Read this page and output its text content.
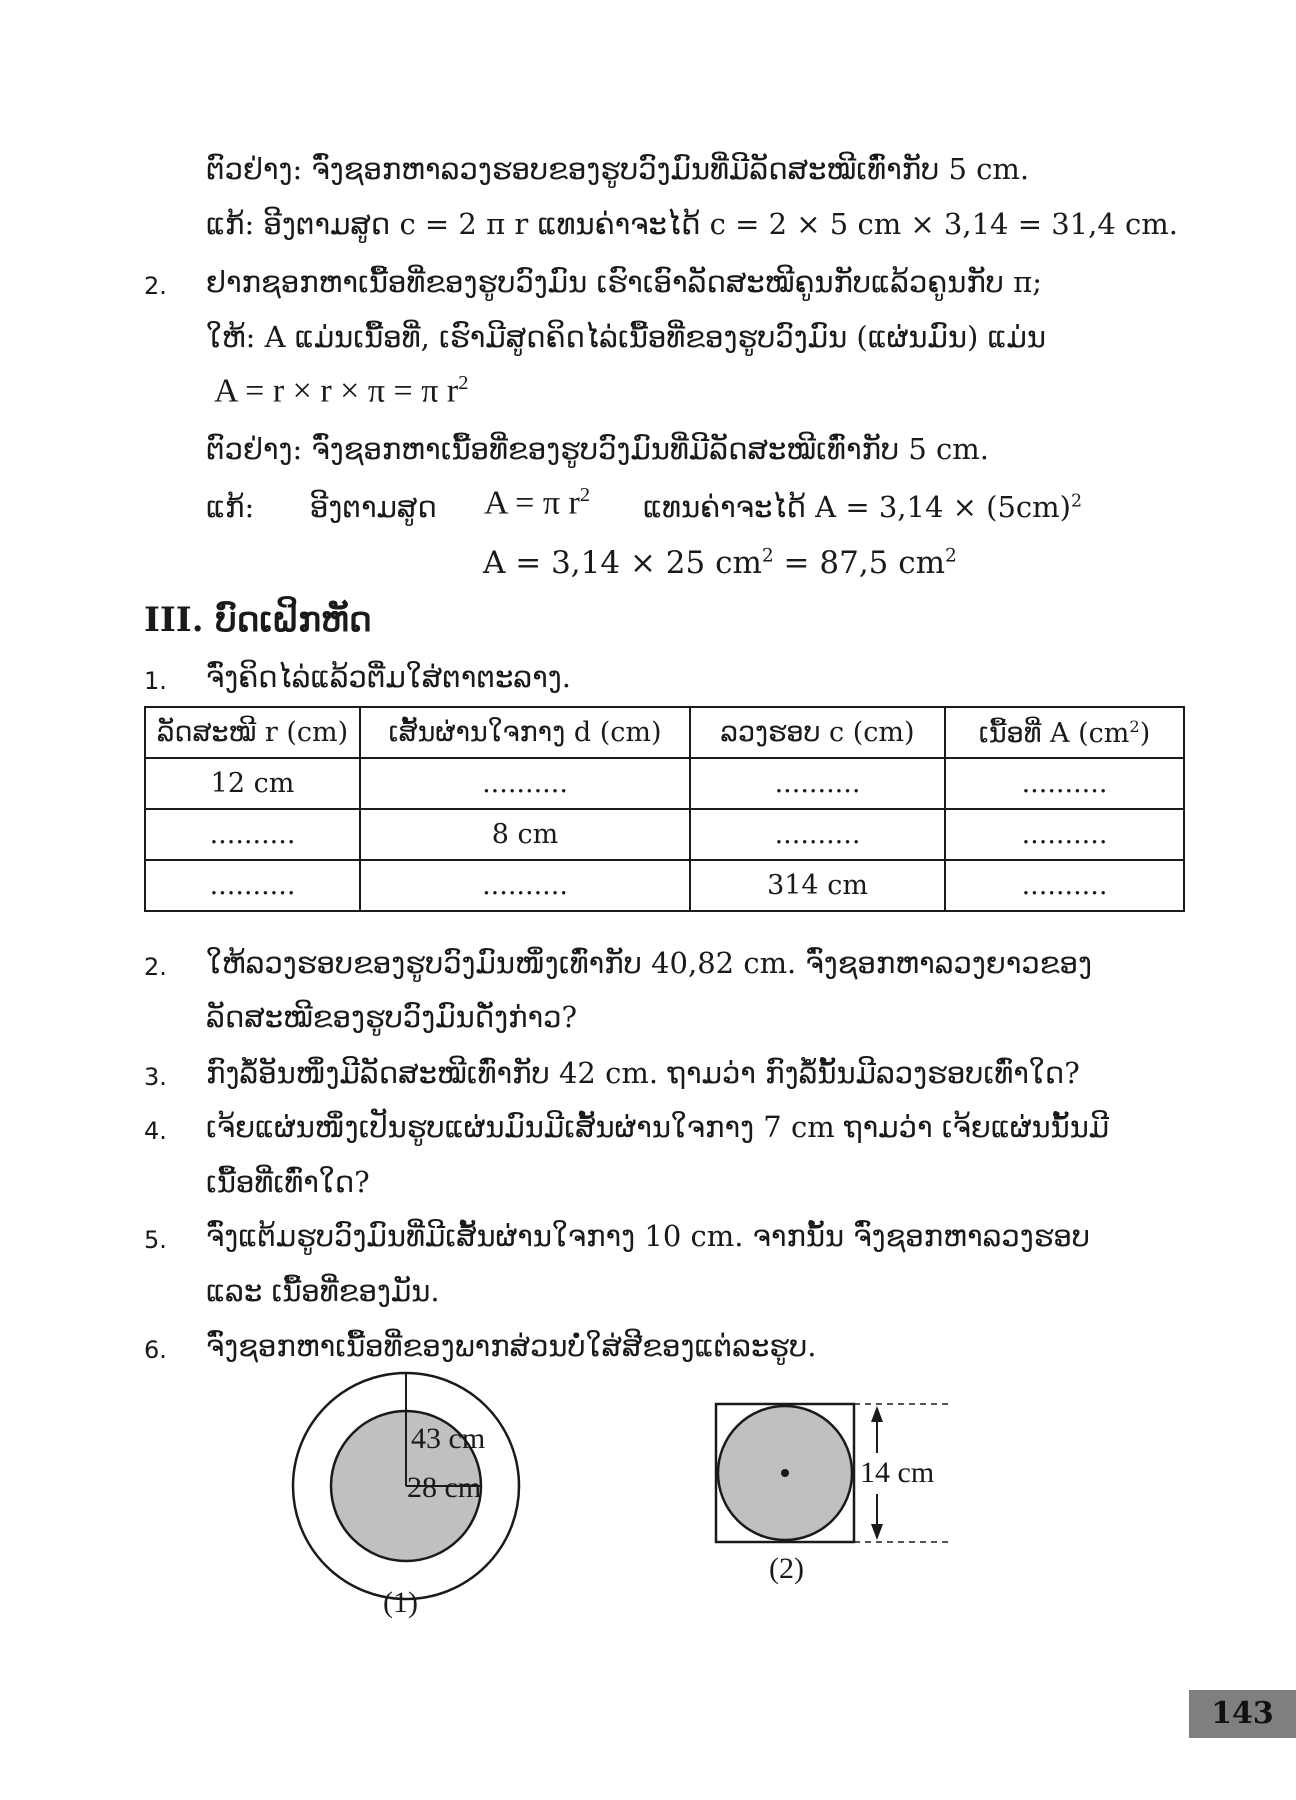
ຕົວຢ່າງ: ຈົ່ງຊອກຫາລວງຮອບຂອງຮູບວົງມົນທີ່ມີລັດສະໝີເທົ່າກັບ 5 cm.
ແກ້: ອີງຕາມສູດ c = 2 π r ແທນຄ່າຈະໄດ້ c = 2 × 5 cm × 3,14 = 31,4 cm.
2. ຢາກຊອກຫາເນື້ອທີ່ຂອງຮູບວົງມົນ ເຮົາເອົາລັດສະໝີຄູນກັບແລ້ວຄູນກັບ π;
ໃຫ້: A ແມ່ນເນື້ອທີ່, ເຮົາມີສູດຄິດໄລ່ເນື້ອທີ່ຂອງຮູບວົງມົນ (ແຜ່ນມົນ) ແມ່ນ
A = r × r × π = π $r^2$
ຕົວຢ່າງ: ຈົ່ງຊອກຫາເນື້ອທີ່ຂອງຮູບວົງມົນທີ່ມີລັດສະໝີເທົ່າກັບ 5 cm.
ແກ້: ອີງຕາມສູດ A = π $r^2$ ແທນຄ່າຈະໄດ້ $A = 3,14 \times (5cm)^2$
A = 3,14 × 25 $cm^2 = 87,5$ $cm^2$
III. ບົດເຝິກຫັດ
1. ຈົ່ງຄິດໄລ່ແລ້ວຕື່ມໃສ່ຕາຕະລາງ.
ລັດສະໝີ r (cm)	ເສັ້ນຜ່ານໃຈກາງ d (cm)	ລວງຮອບ c (cm)	ເນື້ອທີ່ A $(cm^2)$
12 cm	..........	..........	..........
..........	8 cm	..........	..........
..........	..........	314 cm	..........
2. ໃຫ້ລວງຮອບຂອງຮູບວົງມົນໜຶ່ງເທົ່າກັບ 40,82 cm. ຈົ່ງຊອກຫາລວງຍາວຂອງ
ລັດສະໝີຂອງຮູບວົງມົນດັ່ງກ່າວ?
3. ກົງລໍ້ອັນໜຶ່ງມີລັດສະໝີເທົ່າກັບ 42 cm. ຖາມວ່າ ກົງລໍ້ນັ້ນມີລວງຮອບເທົ່າໃດ?
4. ເຈ້ຍແຜ່ນໜຶ່ງເປັນຮູບແຜ່ນມົນມີເສັ້ນຜ່ານໃຈກາງ 7 cm ຖາມວ່າ ເຈ້ຍແຜ່ນນັ້ນມີ
ເນື້ອທີ່ເທົ່າໃດ?
5. ຈົ່ງແຕ້ມຮູບວົງມົນທີ່ມີເສັ້ນຜ່ານໃຈກາງ 10 cm. ຈາກນັ້ນ ຈົ່ງຊອກຫາລວງຮອບ
ແລະ ເນື້ອທີ່ຂອງມັນ.
6. ຈົ່ງຊອກຫາເນື້ອທີ່ຂອງພາກສ່ວນບໍ່ໃສ່ສີຂອງແຕ່ລະຮູບ.
43 cm
28 cm
(1)
14 cm
(2)
143
